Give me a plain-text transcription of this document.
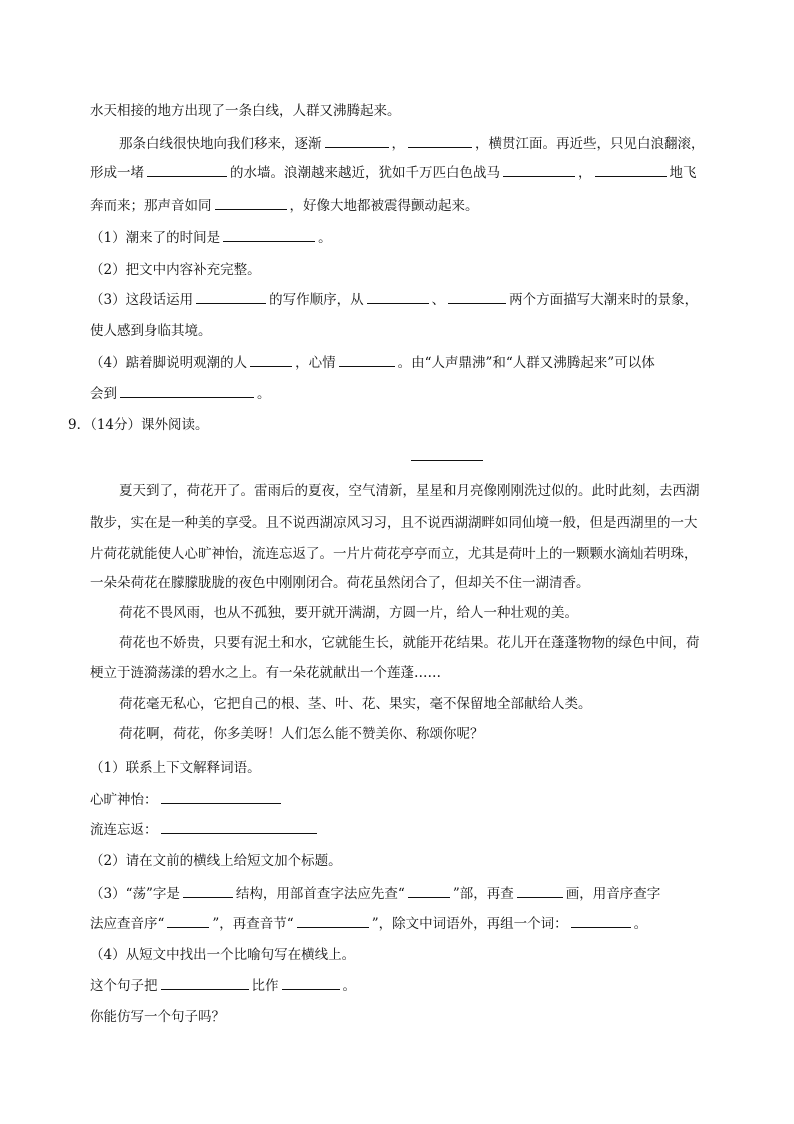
水天相接的地方出现了一条白线，人群又沸腾起来。
那条白线很快地向我们移来，逐渐	，	，横贯江面。再近些，只见白浪翻滚，
形成一堵	的水墙。浪潮越来越近，犹如千万匹白色战马	，	地飞
奔而来；那声音如同	，好像大地都被震得颤动起来。
（1）潮来了的时间是	。
（2）把文中内容补充完整。
（3）这段话运用	的写作顺序，从	、	两个方面描写大潮来时的景象，
使人感到身临其境。
（4）踮着脚说明观潮的人	，心情	。由“人声鼎沸”和“人群又沸腾起来”可以体
会到	。
9．（14分）课外阅读。
夏天到了，荷花开了。雷雨后的夏夜，空气清新，星星和月亮像刚刚洗过似的。此时此刻，去西湖
散步，实在是一种美的享受。且不说西湖凉风习习，且不说西湖湖畔如同仙境一般，但是西湖里的一大
片荷花就能使人心旷神怡，流连忘返了。一片片荷花亭亭而立，尤其是荷叶上的一颗颗水滴灿若明珠，
一朵朵荷花在朦朦胧胧的夜色中刚刚闭合。荷花虽然闭合了，但却关不住一湖清香。
荷花不畏风雨，也从不孤独，要开就开满湖，方圆一片，给人一种壮观的美。
荷花也不娇贵，只要有泥土和水，它就能生长，就能开花结果。花儿开在蓬蓬物物的绿色中间，荷
梗立于涟漪荡漾的碧水之上。有一朵花就献出一个莲蓬……
荷花毫无私心，它把自己的根、茎、叶、花、果实，毫不保留地全部献给人类。
荷花啊，荷花，你多美呀！人们怎么能不赞美你、称颂你呢？
（1）联系上下文解释词语。
心旷神怡：
流连忘返：
（2）请在文前的横线上给短文加个标题。
（3）“荡”字是	结构，用部首查字法应先查“	”部，再查	画，用音序查字
法应查音序“	”，再查音节“	”，除文中词语外，再组一个词：	。
（4）从短文中找出一个比喻句写在横线上。
这个句子把	比作	。
你能仿写一个句子吗？
